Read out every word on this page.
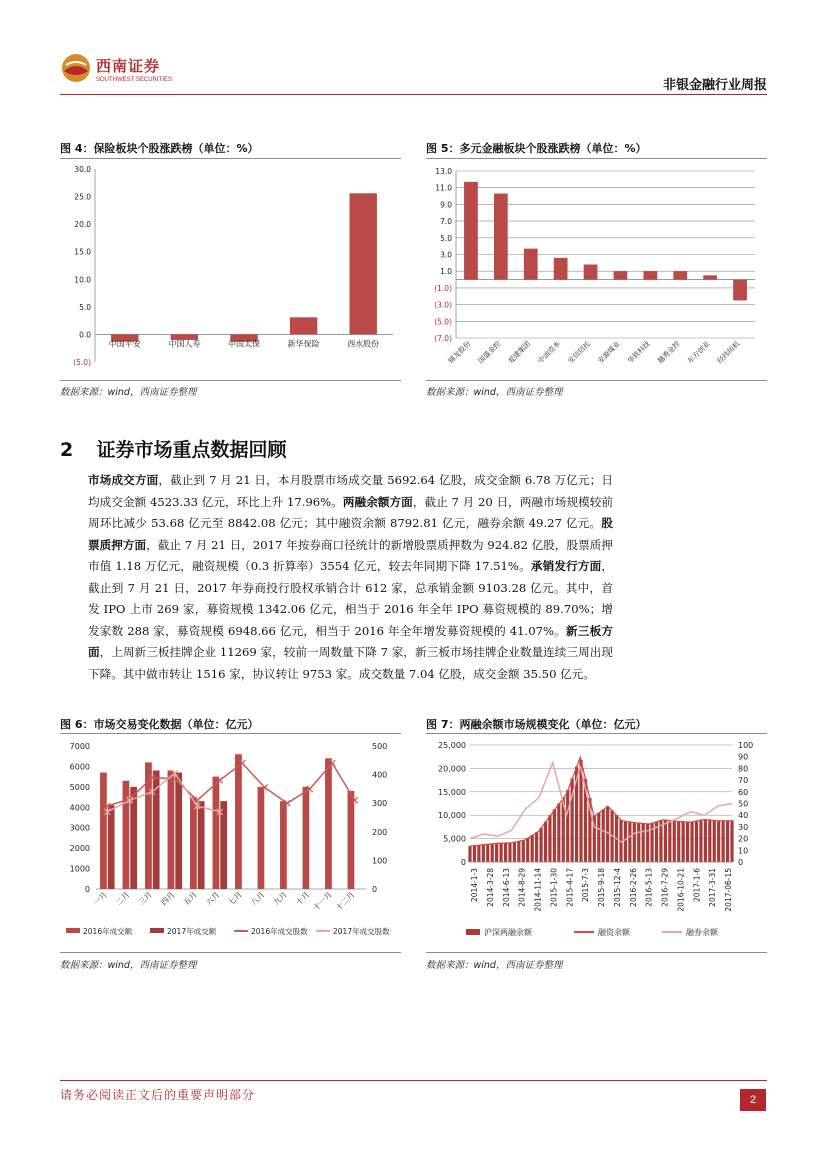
西南证券
SOUTHWEST SECURITIES	非银金融行业周报
图 4：保险板块个股涨跌榜（单位：%）
(5.0)
0.0
5.0
10.0
15.0
20.0
25.0
30.0
中国平安	中国人寿	中国太保	新华保险	西水股份
数据来源：wind，西南证券整理
图 5：多元金融板块个股涨跌榜（单位：%）
(7.0)
(5.0)
(3.0)
(1.0)
1.0
3.0
5.0
7.0
9.0
11.0
13.0
锦龙股份 国盛金控 爱建集团 中油资本 安信信托 安源煤业 华铁科技 越秀金控 东方创业 经纬纺机
数据来源：wind，西南证券整理
2 证券市场重点数据回顾
市场成交方面，截止到 7 月 21 日，本月股票市场成交量 5692.64 亿股，成交金额 6.78 万亿元；日均成交金额 4523.33 亿元，环比上升 17.96%。两融余额方面，截止 7 月 20 日，两融市场规模较前周环比减少 53.68 亿元至 8842.08 亿元；其中融资余额 8792.81 亿元，融券余额 49.27 亿元。股票质押方面，截止 7 月 21 日，2017 年按券商口径统计的新增股票质押数为 924.82 亿股，股票质押市值 1.18 万亿元，融资规模（0.3 折算率）3554 亿元，较去年同期下降 17.51%。承销发行方面，截止到 7 月 21 日，2017 年券商投行股权承销合计 612 家，总承销金额 9103.28 亿元。其中，首发 IPO 上市 269 家，募资规模 1342.06 亿元，相当于 2016 年全年 IPO 募资规模的 89.70%；增发家数 288 家，募资规模 6948.66 亿元，相当于 2016 年全年增发募资规模的 41.07%。新三板方面，上周新三板挂牌企业 11269 家，较前一周数量下降 7 家，新三板市场挂牌企业数量连续三周出现下降。其中做市转让 1516 家，协议转让 9753 家。成交数量 7.04 亿股，成交金额 35.50 亿元。
图 6：市场交易变化数据（单位：亿元）
0
1000
2000
3000
4000
5000
6000
7000
0
100
200
300
400
500
一月 二月 三月 四月 五月 六月 七月 八月 九月 十月 十一月 十二月
2016年成交额	2017年成交额	2016年成交股数	2017年成交股数
数据来源：wind，西南证券整理
图 7：两融余额市场规模变化（单位：亿元）
0
5,000
10,000
15,000
20,000
25,000
0
10
20
30
40
50
60
70
80
90
100
2014-1-3 2014-3-28 2014-6-13 2014-8-29 2014-11-14 2015-1-30 2015-4-17 2015-7-3 2015-9-18 2015-12-4 2016-2-26 2016-5-13 2016-7-29 2016-10-21 2017-1-6 2017-3-31 2017-06-15
沪深两融余额	融资余额	融券余额
数据来源：wind，西南证券整理
请务必阅读正文后的重要声明部分	2
